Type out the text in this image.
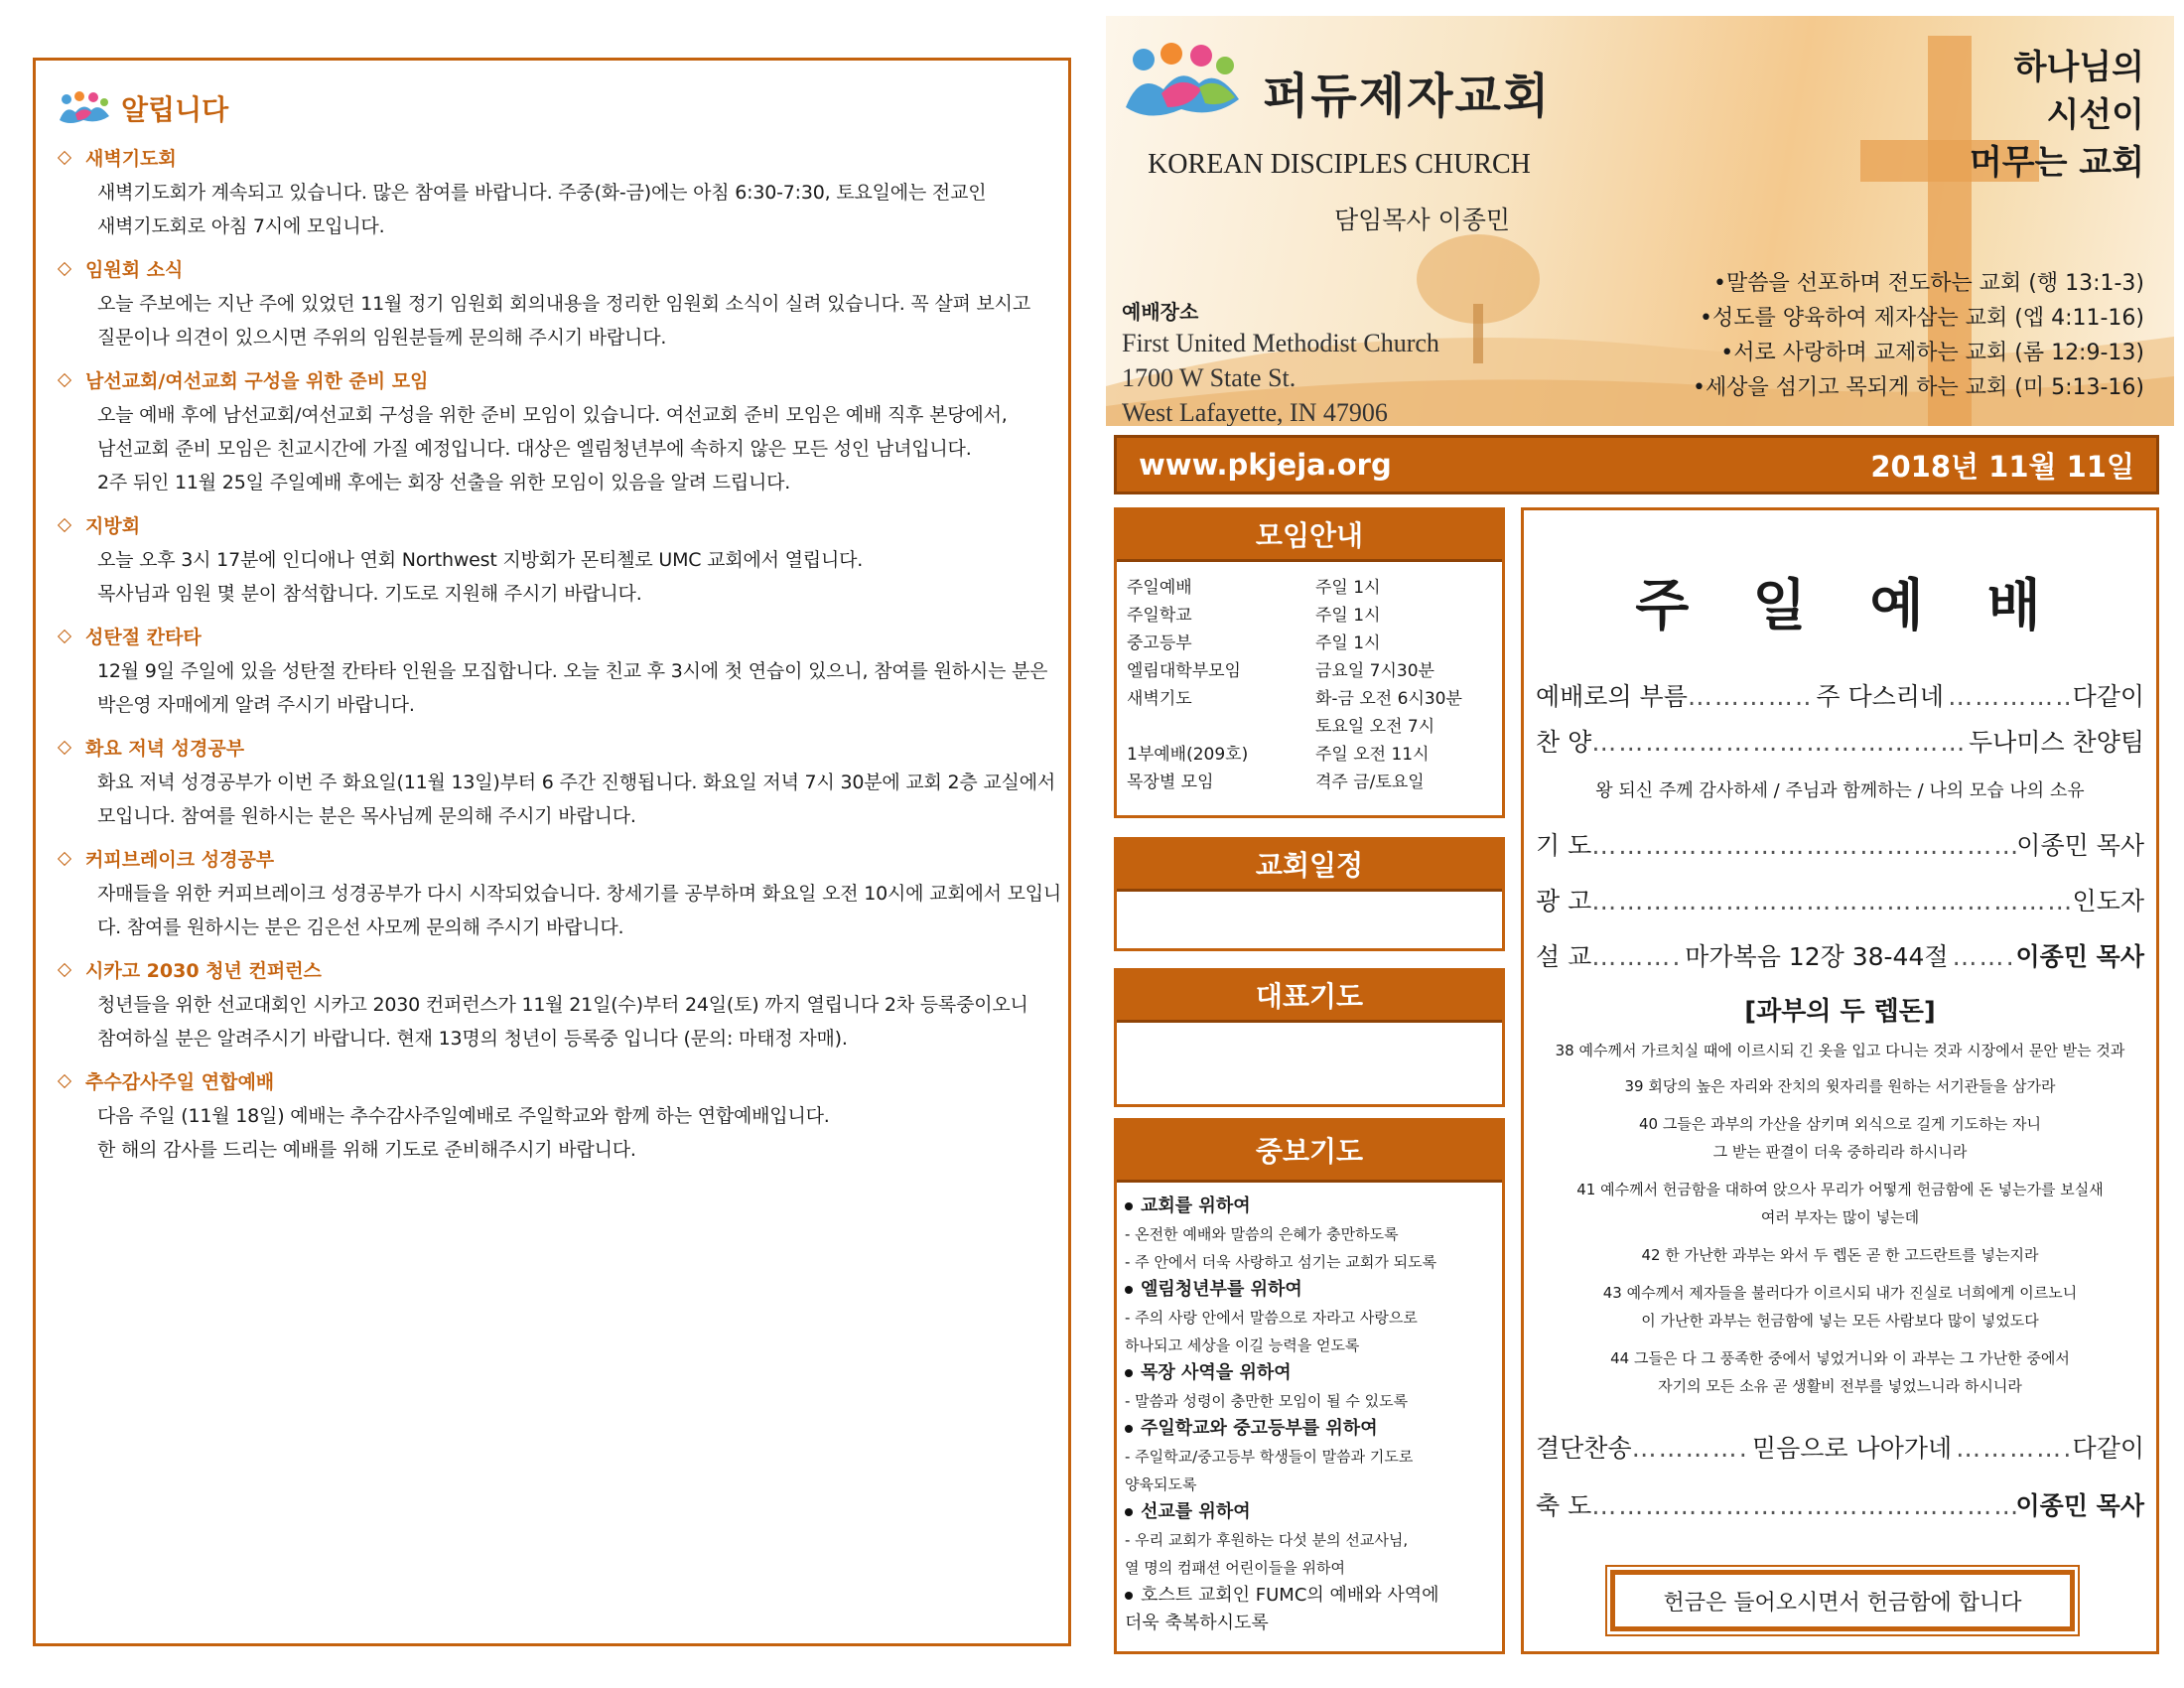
알립니다
새벽기도회
새벽기도회가 계속되고 있습니다. 많은 참여를 바랍니다. 주중(화-금)에는 아침 6:30-7:30, 토요일에는 전교인
새벽기도회로 아침 7시에 모입니다.
임원회 소식
오늘 주보에는 지난 주에 있었던 11월 정기 임원회 회의내용을 정리한 임원회 소식이 실려 있습니다. 꼭 살펴 보시고
질문이나 의견이 있으시면 주위의 임원분들께 문의해 주시기 바랍니다.
남선교회/여선교회 구성을 위한 준비 모임
오늘 예배 후에 남선교회/여선교회 구성을 위한 준비 모임이 있습니다. 여선교회 준비 모임은 예배 직후 본당에서,
남선교회 준비 모임은 친교시간에 가질 예정입니다. 대상은 엘림청년부에 속하지 않은 모든 성인 남녀입니다.
2주 뒤인 11월 25일 주일예배 후에는 회장 선출을 위한 모임이 있음을 알려 드립니다.
지방회
오늘 오후 3시 17분에 인디애나 연회 Northwest 지방회가 몬티첼로 UMC 교회에서 열립니다.
목사님과 임원 몇 분이 참석합니다. 기도로 지원해 주시기 바랍니다.
성탄절 칸타타
12월 9일 주일에 있을 성탄절 칸타타 인원을 모집합니다. 오늘 친교 후 3시에 첫 연습이 있으니, 참여를 원하시는 분은
박은영 자매에게 알려 주시기 바랍니다.
화요 저녁 성경공부
화요 저녁 성경공부가 이번 주 화요일(11월 13일)부터 6 주간 진행됩니다. 화요일 저녁 7시 30분에 교회 2층 교실에서
모입니다. 참여를 원하시는 분은 목사님께 문의해 주시기 바랍니다.
커피브레이크 성경공부
자매들을 위한 커피브레이크 성경공부가 다시 시작되었습니다. 창세기를 공부하며 화요일 오전 10시에 교회에서 모입니
다. 참여를 원하시는 분은 김은선 사모께 문의해 주시기 바랍니다.
시카고 2030 청년 컨퍼런스
청년들을 위한 선교대회인 시카고 2030 컨퍼런스가 11월 21일(수)부터 24일(토) 까지 열립니다 2차 등록중이오니
참여하실 분은 알려주시기 바랍니다. 현재 13명의 청년이 등록중 입니다 (문의: 마태정 자매).
추수감사주일 연합예배
다음 주일 (11월 18일) 예배는 추수감사주일예배로 주일학교와 함께 하는 연합예배입니다.
한 해의 감사를 드리는 예배를 위해 기도로 준비해주시기 바랍니다.
퍼듀제자교회
KOREAN DISCIPLES CHURCH
담임목사 이종민
하나님의
시선이
머무는 교회
예배장소
First United Methodist Church
1700 W State St.
West Lafayette, IN 47906
•말씀을 선포하며 전도하는 교회 (행 13:1-3)
•성도를 양육하여 제자삼는 교회 (엡 4:11-16)
•서로 사랑하며 교제하는 교회 (롬 12:9-13)
•세상을 섬기고 목되게 하는 교회 (미 5:13-16)
www.pkjeja.org	2018년 11월 11일
모임안내
주일예배	주일 1시
주일학교	주일 1시
중고등부	주일 1시
엘림대학부모임	금요일 7시30분
새벽기도	화-금 오전 6시30분
토요일 오전 7시
1부예배(209호)	주일 오전 11시
목장별 모임	격주 금/토요일
교회일정
대표기도
중보기도
교회를 위하여
- 온전한 예배와 말씀의 은혜가 충만하도록
- 주 안에서 더욱 사랑하고 섬기는 교회가 되도록
엘림청년부를 위하여
- 주의 사랑 안에서 말씀으로 자라고 사랑으로
하나되고 세상을 이길 능력을 얻도록
목장 사역을 위하여
- 말씀과 성령이 충만한 모임이 될 수 있도록
주일학교와 중고등부를 위하여
- 주일학교/중고등부 학생들이 말씀과 기도로
양육되도록
선교를 위하여
- 우리 교회가 후원하는 다섯 분의 선교사님,
열 명의 컴패션 어린이들을 위하여
호스트 교회인 FUMC의 예배와 사역에
더욱 축복하시도록
주일예배
예배로의 부름 ……………………………………………………………………………………………	주 다스리네 ……………………………………………………………………………………………	다같이
찬 양 ……………………………………………………………………………………………	두나미스 찬양팀
왕 되신 주께 감사하세 / 주님과 함께하는 / 나의 모습 나의 소유
기 도 ……………………………………………………………………………………………	이종민 목사
광 고 ……………………………………………………………………………………………	인도자
설 교 ……………………………………………………………………………………………	마가복음 12장 38-44절 ……………………………………………………………………………………………	이종민 목사
[과부의 두 렙돈]
38 예수께서 가르치실 때에 이르시되 긴 옷을 입고 다니는 것과 시장에서 문안 받는 것과
39 회당의 높은 자리와 잔치의 윗자리를 원하는 서기관들을 삼가라
40 그들은 과부의 가산을 삼키며 외식으로 길게 기도하는 자니
그 받는 판결이 더욱 중하리라 하시니라
41 예수께서 헌금함을 대하여 앉으사 무리가 어떻게 헌금함에 돈 넣는가를 보실새
여러 부자는 많이 넣는데
42 한 가난한 과부는 와서 두 렙돈 곧 한 고드란트를 넣는지라
43 예수께서 제자들을 불러다가 이르시되 내가 진실로 너희에게 이르노니
이 가난한 과부는 헌금함에 넣는 모든 사람보다 많이 넣었도다
44 그들은 다 그 풍족한 중에서 넣었거니와 이 과부는 그 가난한 중에서
자기의 모든 소유 곧 생활비 전부를 넣었느니라 하시니라
결단찬송 ……………………………………………………………………………………………	믿음으로 나아가네 ……………………………………………………………………………………………	다같이
축 도 ……………………………………………………………………………………………	이종민 목사
헌금은 들어오시면서 헌금함에 합니다
